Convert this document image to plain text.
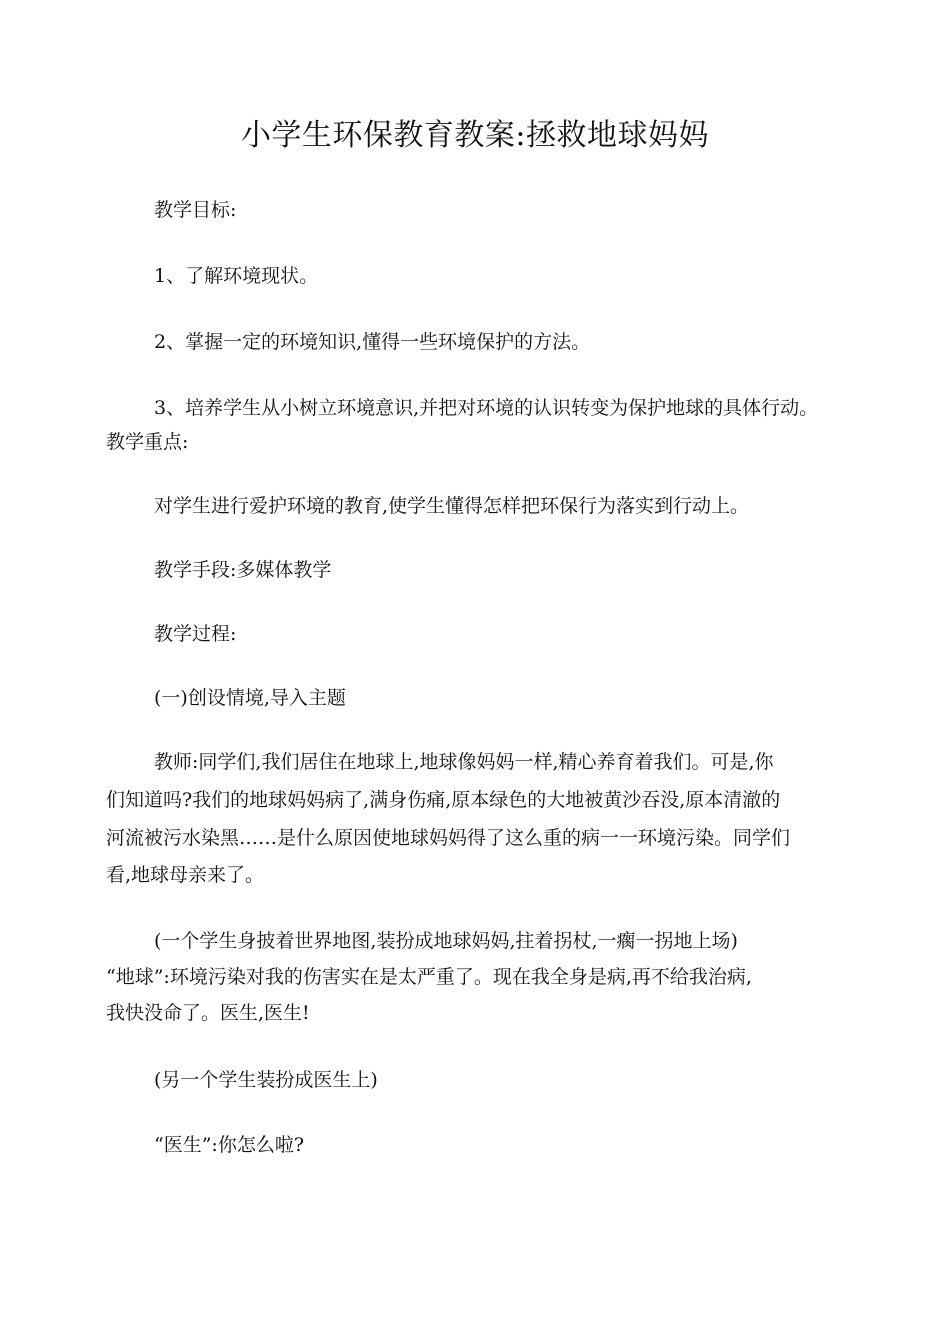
小学生环保教育教案:拯救地球妈妈
教学目标:
1、了解环境现状。
2、掌握一定的环境知识,懂得一些环境保护的方法。
3、培养学生从小树立环境意识,并把对环境的认识转变为保护地球的具体行动。
教学重点:
对学生进行爱护环境的教育,使学生懂得怎样把环保行为落实到行动上。
教学手段:多媒体教学
教学过程:
(一)创设情境,导入主题
教师:同学们,我们居住在地球上,地球像妈妈一样,精心养育着我们。可是,你
们知道吗?我们的地球妈妈病了,满身伤痛,原本绿色的大地被黄沙吞没,原本清澈的
河流被污水染黑……是什么原因使地球妈妈得了这么重的病一一环境污染。同学们
看,地球母亲来了。
(一个学生身披着世界地图,装扮成地球妈妈,拄着拐杖,一瘸一拐地上场)
“地球”:环境污染对我的伤害实在是太严重了。现在我全身是病,再不给我治病,
我快没命了。医生,医生!
(另一个学生装扮成医生上)
“医生”:你怎么啦?
